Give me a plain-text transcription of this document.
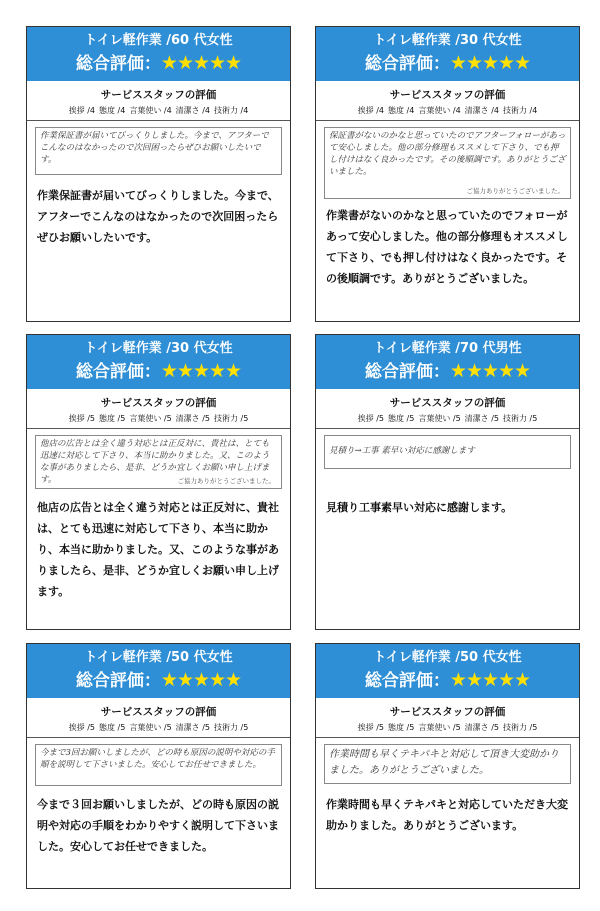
トイレ軽作業 /60 代女性
総合評価：★★★★★
サービススタッフの評価
挨拶 /4 態度 /4 言葉使い /4 清潔さ /4 技術力 /4
作業保証書が届いてびっくりしました。今まで、アフターでこんなのはなかったので次回困ったらぜひお願いしたいです。
作業保証書が届いてびっくりしました。今まで、アフターでこんなのはなかったので次回困ったらぜひお願いしたいです。
トイレ軽作業 /30 代女性
総合評価：★★★★★
サービススタッフの評価
挨拶 /4 態度 /4 言葉使い /4 清潔さ /4 技術力 /4
保証書がないのかなと思っていたのでアフターフォローがあって安心しました。他の部分修理もススメして下さり、でも押し付けはなく良かったです。その後順調です。ありがとうございました。
ご協力ありがとうございました。
作業書がないのかなと思っていたのでフォローがあって安心しました。他の部分修理もオススメして下さり、でも押し付けはなく良かったです。その後順調です。ありがとうございました。
トイレ軽作業 /30 代女性
総合評価：★★★★★
サービススタッフの評価
挨拶 /5 態度 /5 言葉使い /5 清潔さ /5 技術力 /5
他店の広告とは全く違う対応とは正反対に、貴社は、とても迅速に対応して下さり、本当に助かりました。又、このような事がありましたら、是非、どうか宜しくお願い申し上げます。	ご協力ありがとうございました。
他店の広告とは全く違う対応とは正反対に、貴社は、とても迅速に対応して下さり、本当に助かり、本当に助かりました。又、このような事がありましたら、是非、どうか宜しくお願い申し上げます。
トイレ軽作業 /70 代男性
総合評価：★★★★★
サービススタッフの評価
挨拶 /5 態度 /5 言葉使い /5 清潔さ /5 技術力 /5
見積り→工事 素早い対応に感謝します
見積り工事素早い対応に感謝します。
トイレ軽作業 /50 代女性
総合評価：★★★★★
サービススタッフの評価
挨拶 /5 態度 /5 言葉使い /5 清潔さ /5 技術力 /5
今まで3回お願いしましたが、どの時も原因の説明や対応の手順を説明して下さいました。安心してお任せできました。
今まで３回お願いしましたが、どの時も原因の説明や対応の手順をわかりやすく説明して下さいました。安心してお任せできました。
トイレ軽作業 /50 代女性
総合評価：★★★★★
サービススタッフの評価
挨拶 /5 態度 /5 言葉使い /5 清潔さ /5 技術力 /5
作業時間も早くテキパキと対応して頂き大変助かりました。ありがとうございました。
作業時間も早くテキパキと対応していただき大変助かりました。ありがとうございます。
